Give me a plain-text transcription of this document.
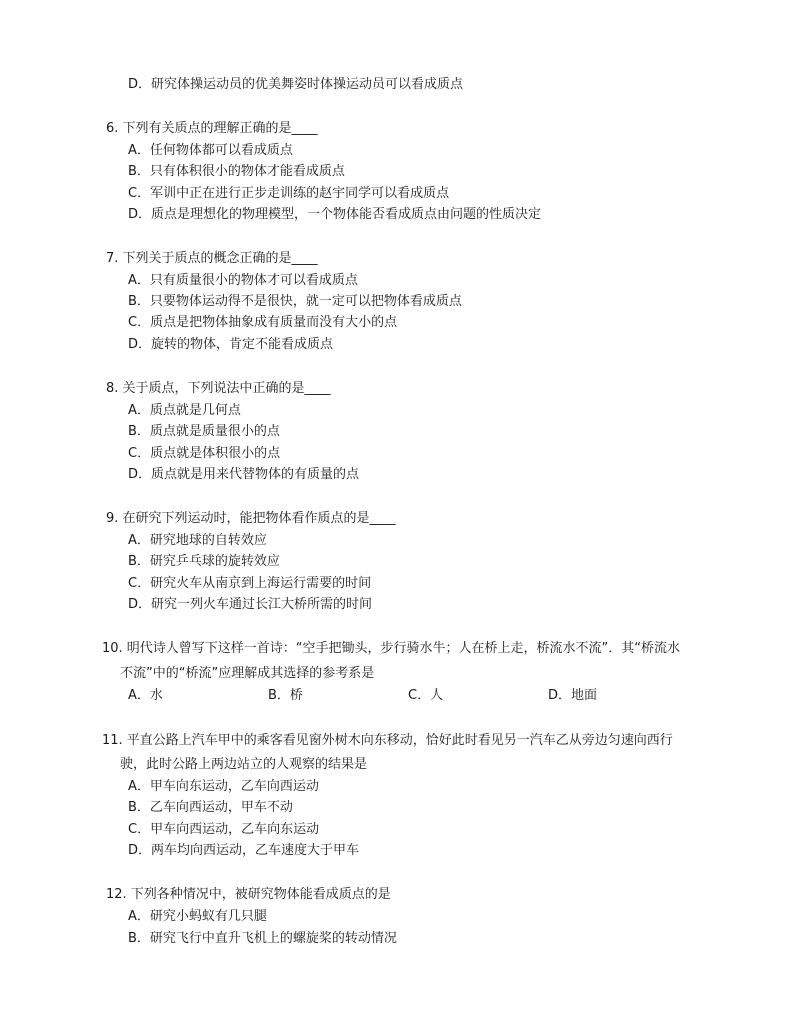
D．研究体操运动员的优美舞姿时体操运动员可以看成质点
6. 下列有关质点的理解正确的是____
A．任何物体都可以看成质点
B．只有体积很小的物体才能看成质点
C．军训中正在进行正步走训练的赵宇同学可以看成质点
D．质点是理想化的物理模型，一个物体能否看成质点由问题的性质决定
7. 下列关于质点的概念正确的是____
A．只有质量很小的物体才可以看成质点
B．只要物体运动得不是很快，就一定可以把物体看成质点
C．质点是把物体抽象成有质量而没有大小的点
D．旋转的物体，肯定不能看成质点
8. 关于质点，下列说法中正确的是____
A．质点就是几何点
B．质点就是质量很小的点
C．质点就是体积很小的点
D．质点就是用来代替物体的有质量的点
9. 在研究下列运动时，能把物体看作质点的是____
A．研究地球的自转效应
B．研究乒乓球的旋转效应
C．研究火车从南京到上海运行需要的时间
D．研究一列火车通过长江大桥所需的时间
10. 明代诗人曾写下这样一首诗：“空手把锄头，步行骑水牛；人在桥上走，桥流水不流”．其“桥流水
不流”中的“桥流”应理解成其选择的参考系是
A．水	B．桥	C．人	D．地面
11. 平直公路上汽车甲中的乘客看见窗外树木向东移动，恰好此时看见另一汽车乙从旁边匀速向西行
驶，此时公路上两边站立的人观察的结果是
A．甲车向东运动，乙车向西运动
B．乙车向西运动，甲车不动
C．甲车向西运动，乙车向东运动
D．两车均向西运动，乙车速度大于甲车
12. 下列各种情况中，被研究物体能看成质点的是
A．研究小蚂蚁有几只腿
B．研究飞行中直升飞机上的螺旋桨的转动情况
